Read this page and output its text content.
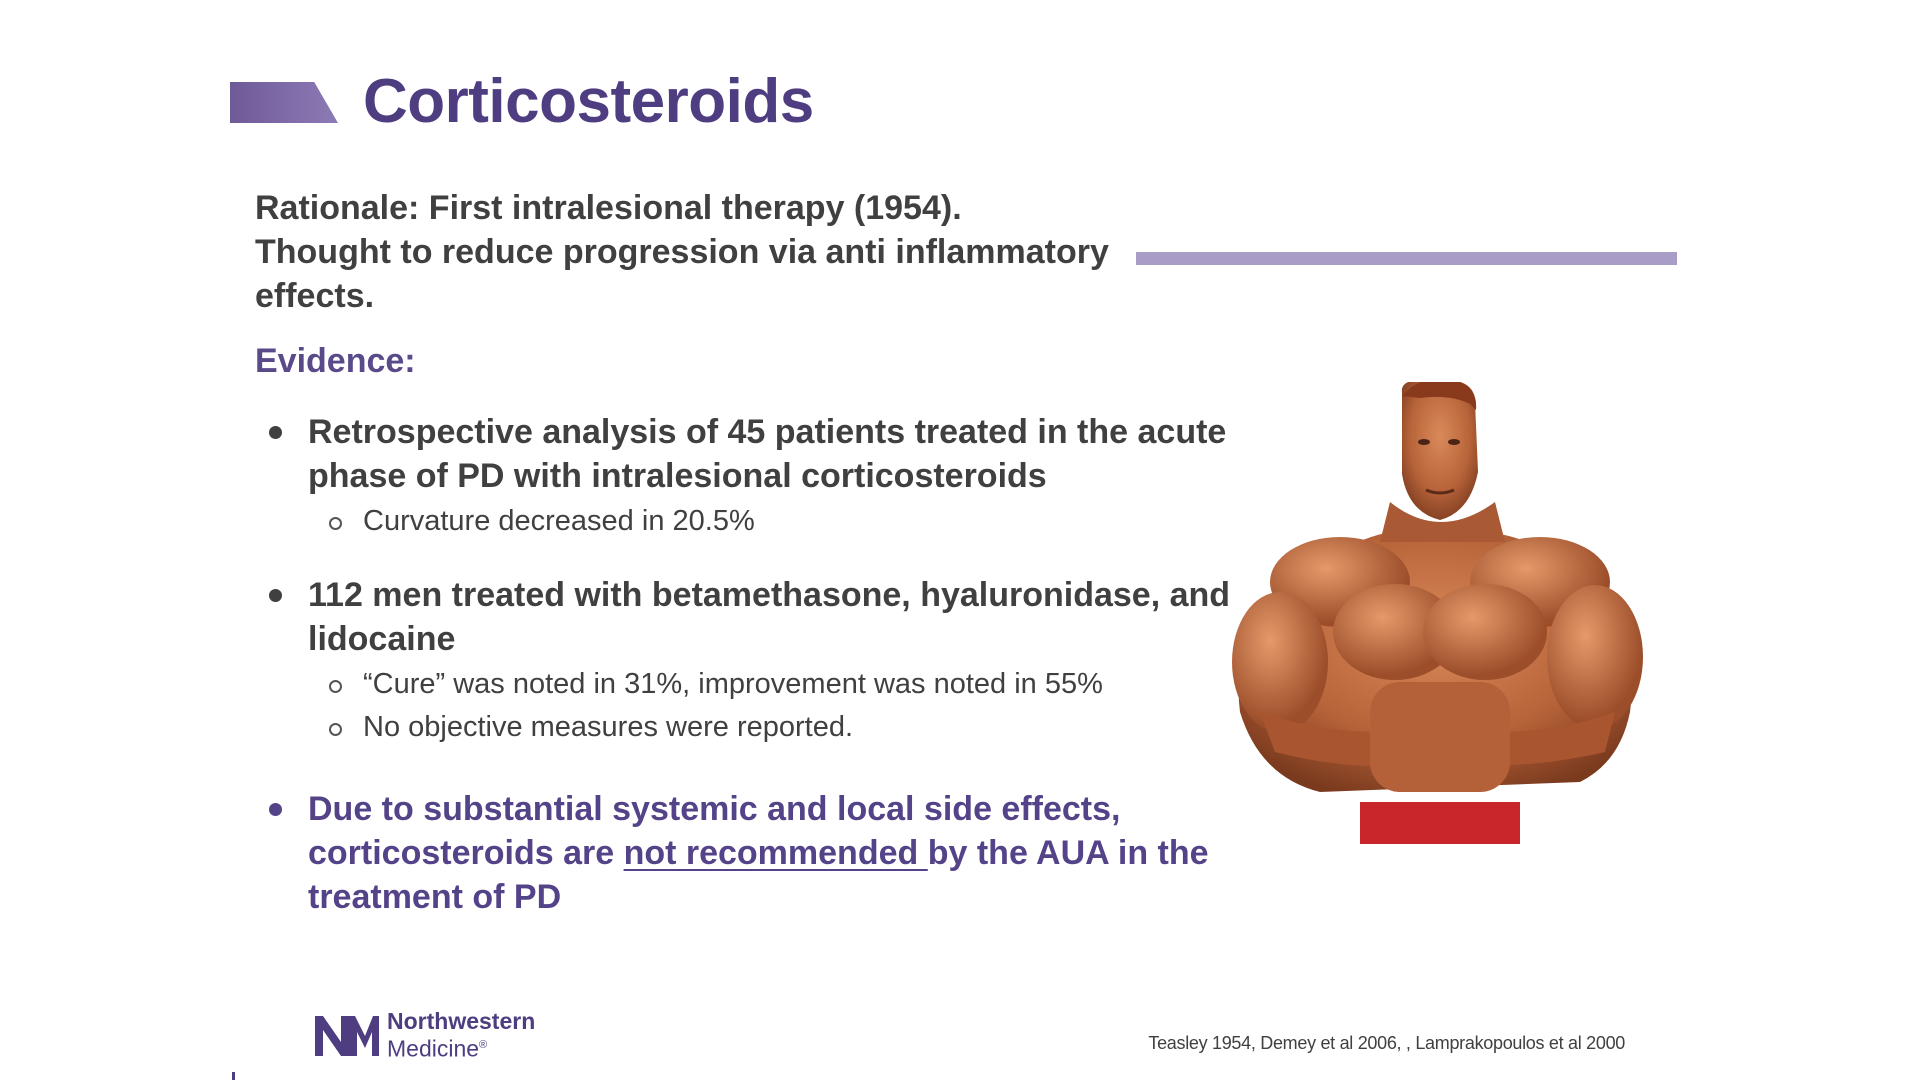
Corticosteroids

Rationale: First intralesional therapy (1954).

Thought to reduce progression via anti inflammatory effects.

Evidence:
Retrospective analysis of 45 patients treated in the acute phase of PD with intralesional corticosteroids
Curvature decreased in 20.5%
112 men treated with betamethasone, hyaluronidase, and lidocaine
“Cure” was noted in 31%, improvement was noted in 55%
No objective measures were reported.
Due to substantial systemic and local side effects, corticosteroids are not recommended by the AUA in the treatment of PD
Northwestern
Medicine®	Teasley 1954, Demey et al 2006, , Lamprakopoulos et al 2000
